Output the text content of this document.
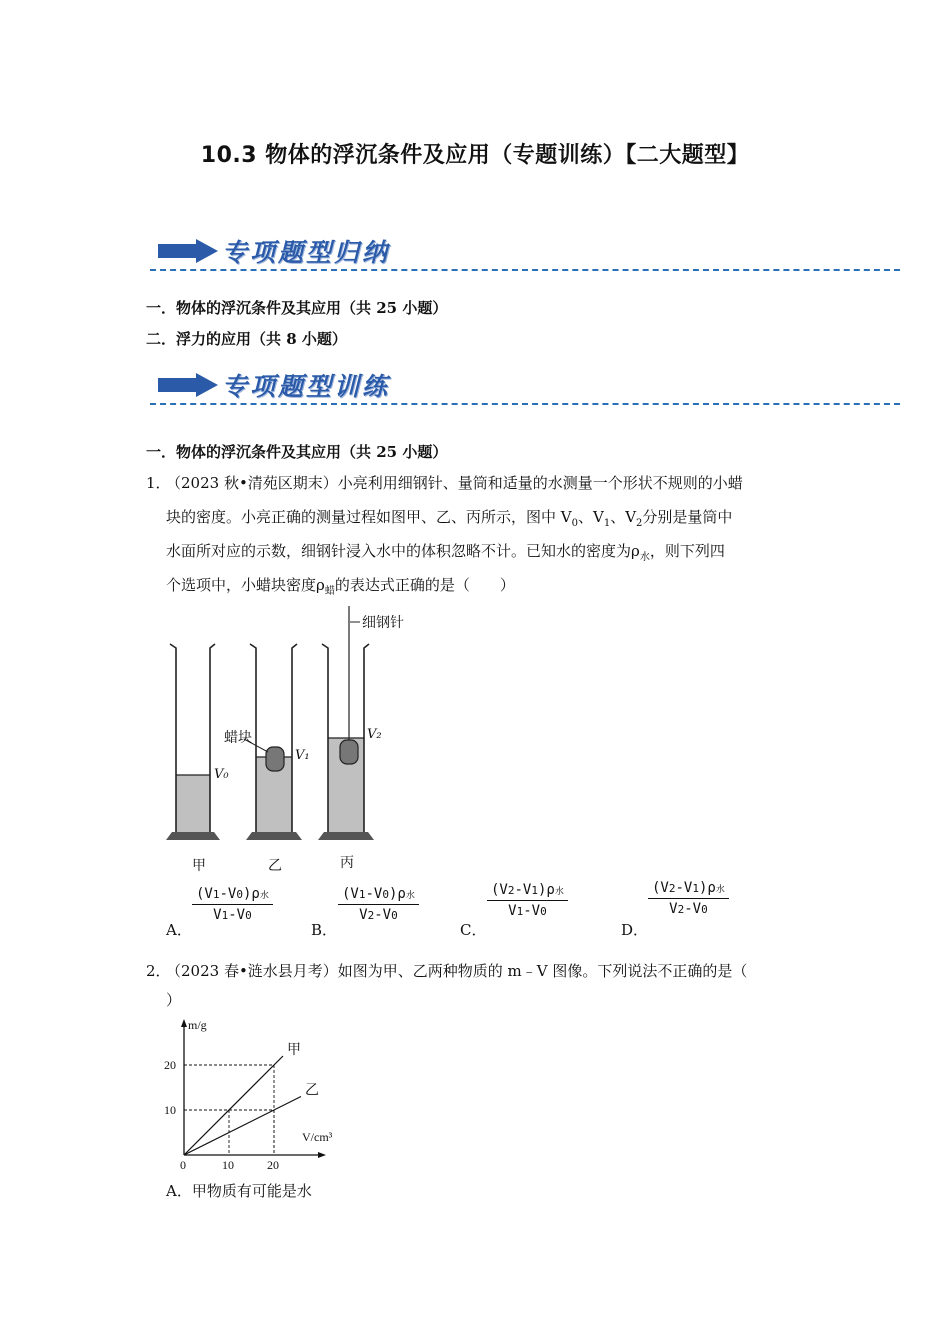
10.3 物体的浮沉条件及应用（专题训练）【二大题型】
专项题型归纳
一．物体的浮沉条件及其应用（共 25 小题）
二．浮力的应用（共 8 小题）
专项题型训练
一．物体的浮沉条件及其应用（共 25 小题）
1．
（2023 秋•清苑区期末）小亮利用细钢针、量筒和适量的水测量一个形状不规则的小蜡
块的密度。小亮正确的测量过程如图甲、乙、丙所示，图中 $V_0$、$V_1$、$V_2$分别是量筒中
水面所对应的示数，细钢针浸入水中的体积忽略不计。已知水的密度为$\rho_水$，则下列四
个选项中，小蜡块密度$\rho_蜡$的表达式正确的是（　　）
细钢针
蜡块
V₀
V₁
V₂
甲	乙	丙
A．
(V1-V0)ρ水
V1-V0
B．
(V1-V0)ρ水
V2-V0
C．
(V2-V1)ρ水
V1-V0
D．
(V2-V1)ρ水
V2-V0
2．
（2023 春•涟水县月考）如图为甲、乙两种物质的 m﹣V 图像。下列说法不正确的是（
）
甲
乙
0	10	20
10
20
m/g
V/cm³
A．甲物质有可能是水
